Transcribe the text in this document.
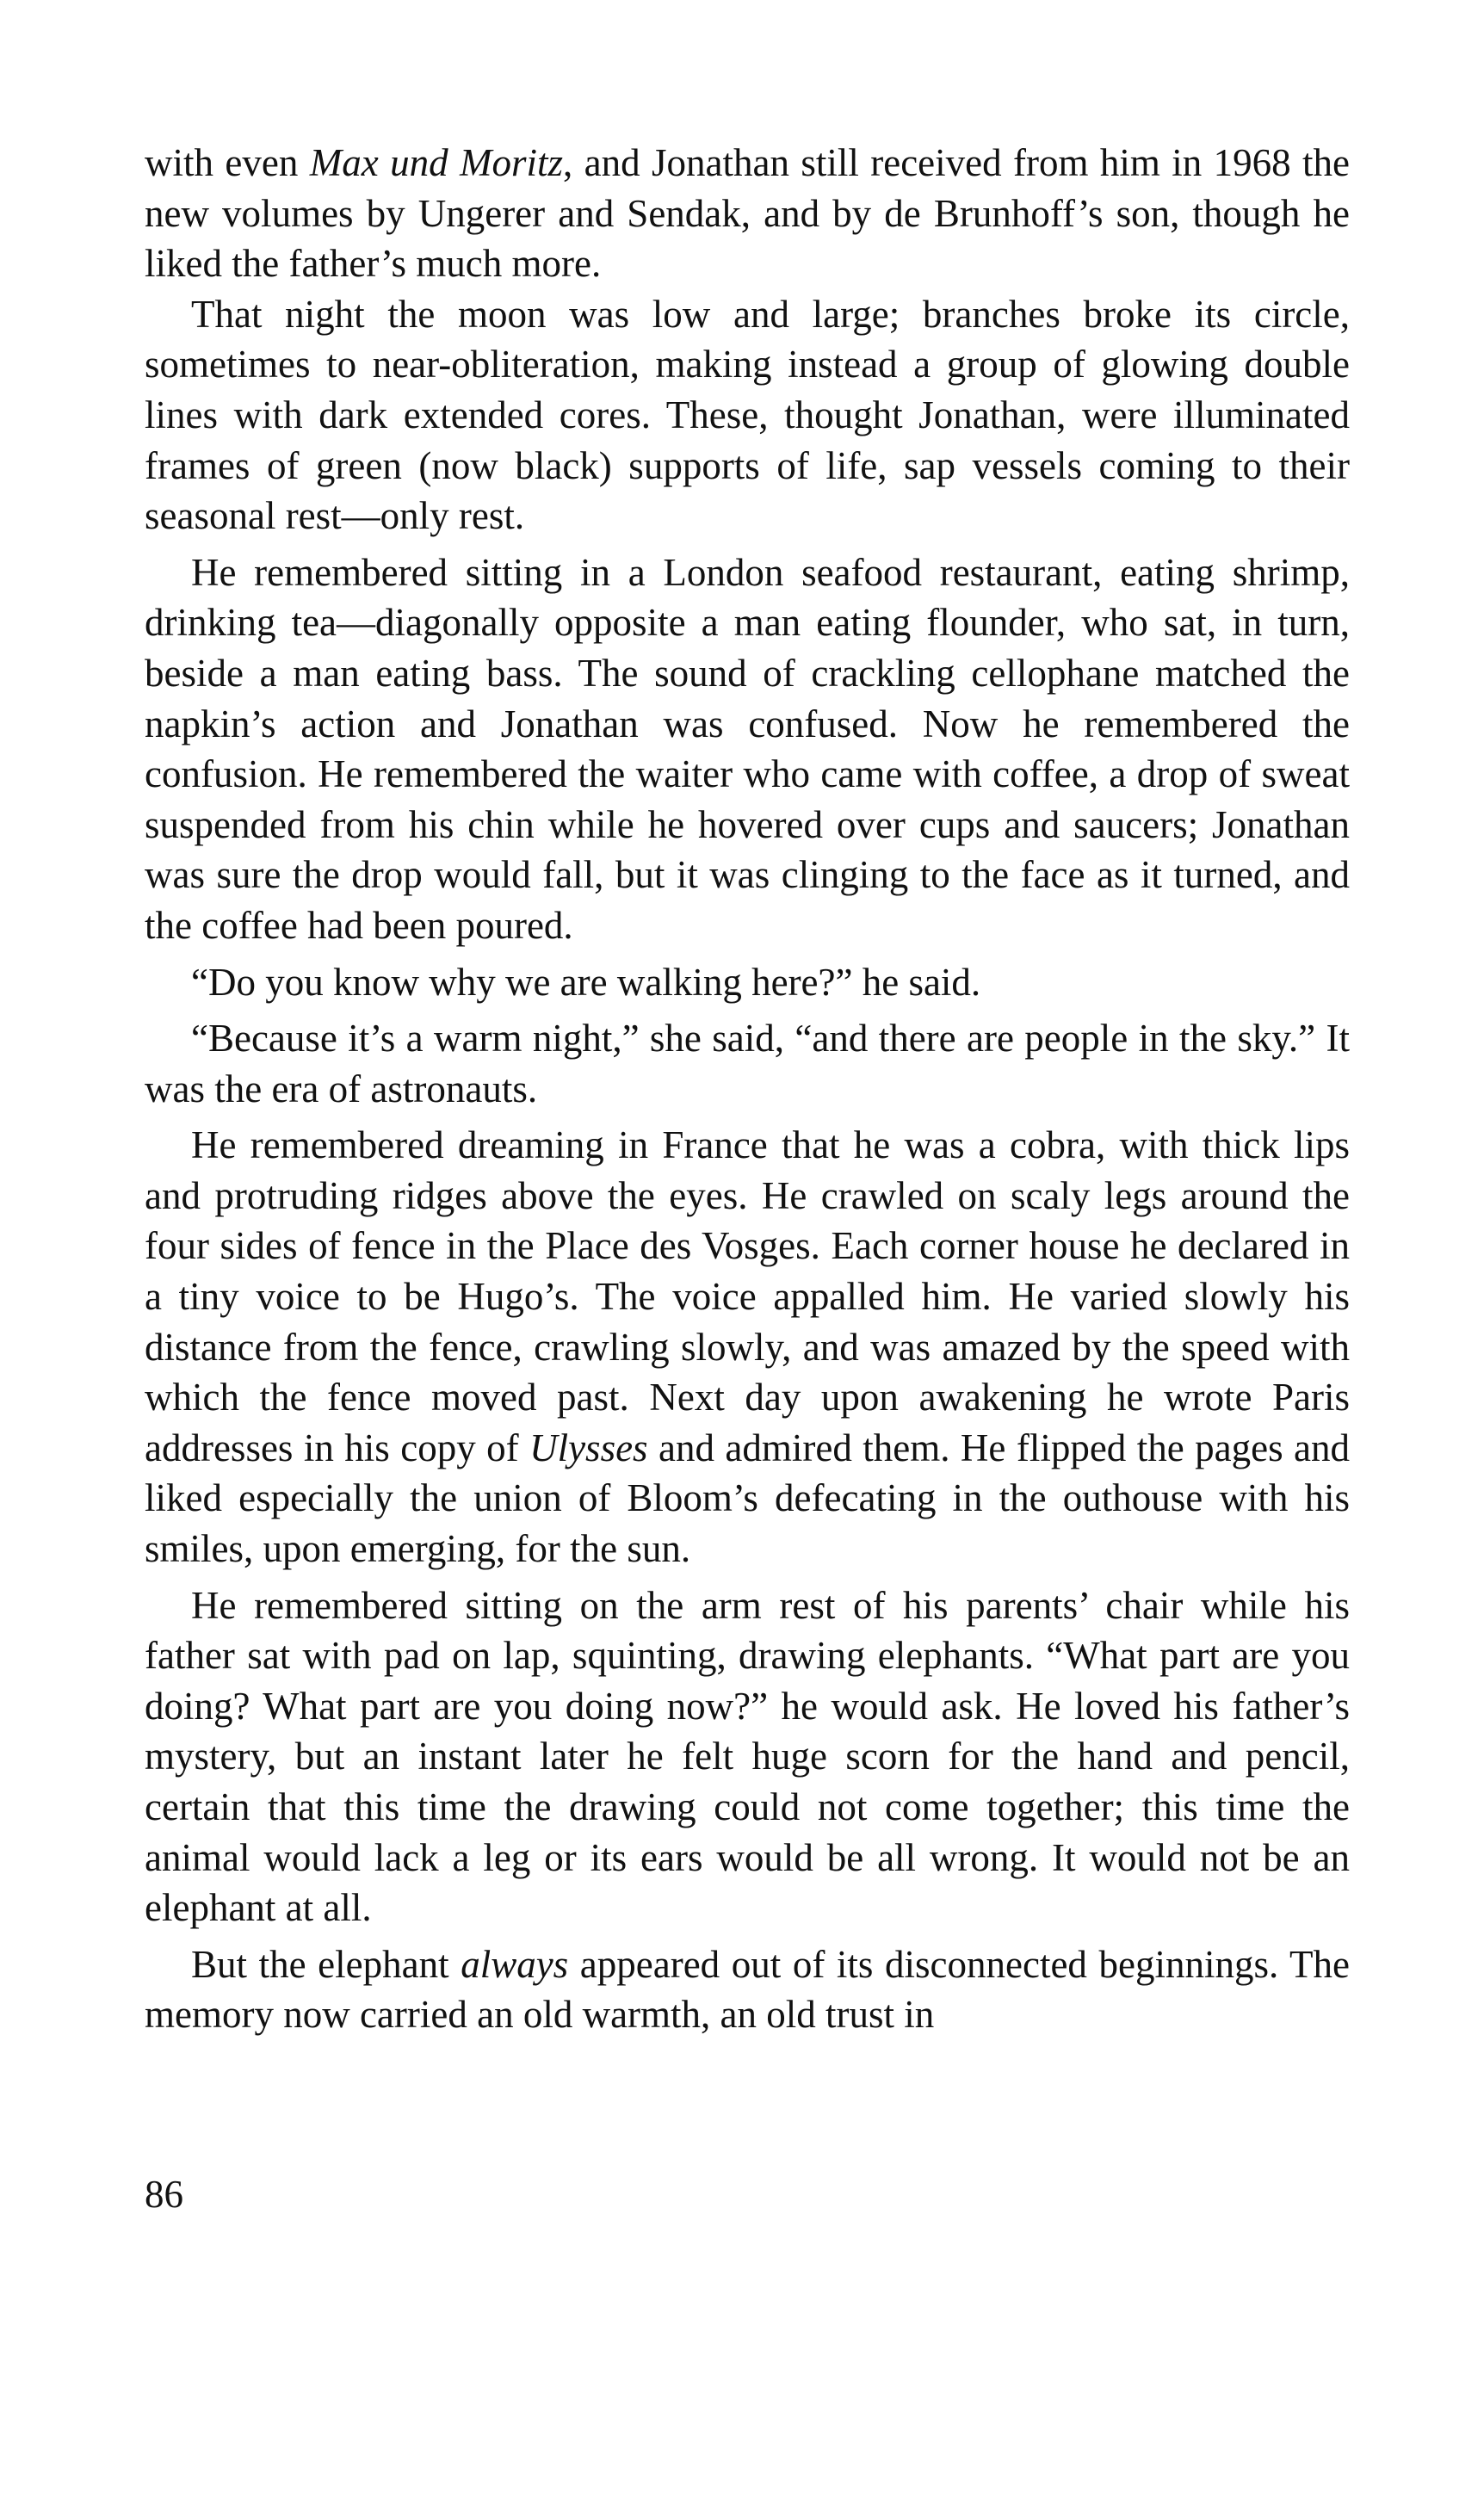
with even Max und Moritz, and Jonathan still received from him in 1968 the new volumes by Ungerer and Sendak, and by de Brunhoff’s son, though he liked the father’s much more.

That night the moon was low and large; branches broke its circle, sometimes to near-obliteration, making instead a group of glowing double lines with dark extended cores. These, thought Jonathan, were illuminated frames of green (now black) supports of life, sap vessels coming to their seasonal rest—only rest.

He remembered sitting in a London seafood restaurant, eating shrimp, drinking tea—diagonally opposite a man eating flounder, who sat, in turn, beside a man eating bass. The sound of crackling cellophane matched the napkin’s action and Jonathan was confused. Now he remembered the confusion. He remembered the waiter who came with coffee, a drop of sweat suspended from his chin while he hovered over cups and saucers; Jonathan was sure the drop would fall, but it was clinging to the face as it turned, and the coffee had been poured.

“Do you know why we are walking here?” he said.

“Because it’s a warm night,” she said, “and there are people in the sky.” It was the era of astronauts.

He remembered dreaming in France that he was a cobra, with thick lips and protruding ridges above the eyes. He crawled on scaly legs around the four sides of fence in the Place des Vosges. Each corner house he declared in a tiny voice to be Hugo’s. The voice appalled him. He varied slowly his distance from the fence, crawling slowly, and was amazed by the speed with which the fence moved past. Next day upon awakening he wrote Paris addresses in his copy of Ulysses and admired them. He flipped the pages and liked especially the union of Bloom’s defecating in the outhouse with his smiles, upon emerging, for the sun.

He remembered sitting on the arm rest of his parents’ chair while his father sat with pad on lap, squinting, drawing elephants. “What part are you doing? What part are you doing now?” he would ask. He loved his father’s mystery, but an instant later he felt huge scorn for the hand and pencil, certain that this time the drawing could not come together; this time the animal would lack a leg or its ears would be all wrong. It would not be an elephant at all.

But the elephant always appeared out of its disconnected beginnings. The memory now carried an old warmth, an old trust in

86
